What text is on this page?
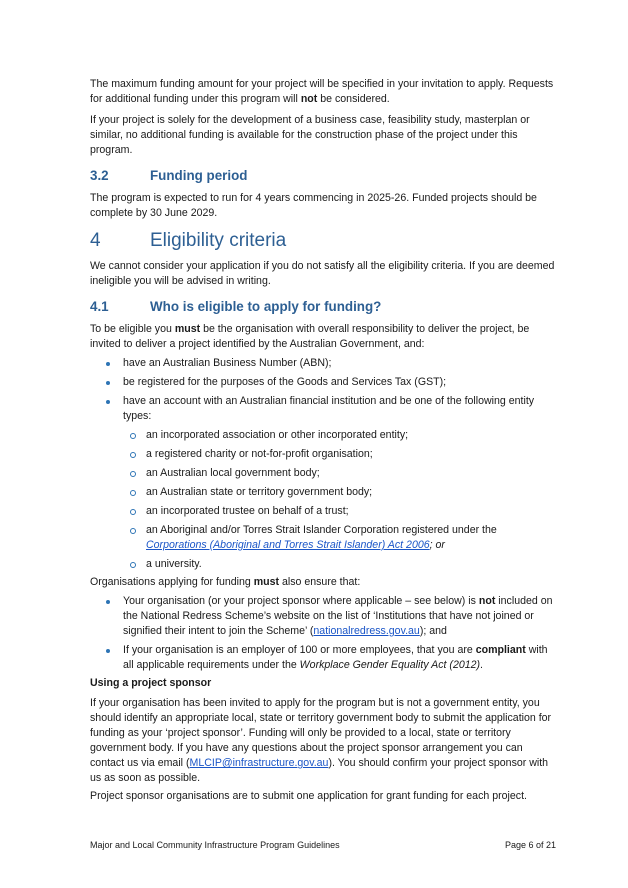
The maximum funding amount for your project will be specified in your invitation to apply. Requests for additional funding under this program will not be considered.

If your project is solely for the development of a business case, feasibility study, masterplan or similar, no additional funding is available for the construction phase of the project under this program.

3.2	Funding period

The program is expected to run for 4 years commencing in 2025-26. Funded projects should be complete by 30 June 2029.

4	Eligibility criteria

We cannot consider your application if you do not satisfy all the eligibility criteria. If you are deemed ineligible you will be advised in writing.

4.1	Who is eligible to apply for funding?

To be eligible you must be the organisation with overall responsibility to deliver the project, be invited to deliver a project identified by the Australian Government, and:

have an Australian Business Number (ABN);
be registered for the purposes of the Goods and Services Tax (GST);
have an account with an Australian financial institution and be one of the following entity types:
an incorporated association or other incorporated entity;
a registered charity or not-for-profit organisation;
an Australian local government body;
an Australian state or territory government body;
an incorporated trustee on behalf of a trust;
an Aboriginal and/or Torres Strait Islander Corporation registered under the Corporations (Aboriginal and Torres Strait Islander) Act 2006; or
a university.

Organisations applying for funding must also ensure that:

Your organisation (or your project sponsor where applicable – see below) is not included on the National Redress Scheme’s website on the list of ‘Institutions that have not joined or signified their intent to join the Scheme’ (nationalredress.gov.au); and
If your organisation is an employer of 100 or more employees, that you are compliant with all applicable requirements under the Workplace Gender Equality Act (2012).
Using a project sponsor

If your organisation has been invited to apply for the program but is not a government entity, you should identify an appropriate local, state or territory government body to submit the application for funding as your ‘project sponsor’. Funding will only be provided to a local, state or territory government body. If you have any questions about the project sponsor arrangement you can contact us via email (MLCIP@infrastructure.gov.au). You should confirm your project sponsor with us as soon as possible.

Project sponsor organisations are to submit one application for grant funding for each project.

Major and Local Community Infrastructure Program Guidelines	Page 6 of 21
